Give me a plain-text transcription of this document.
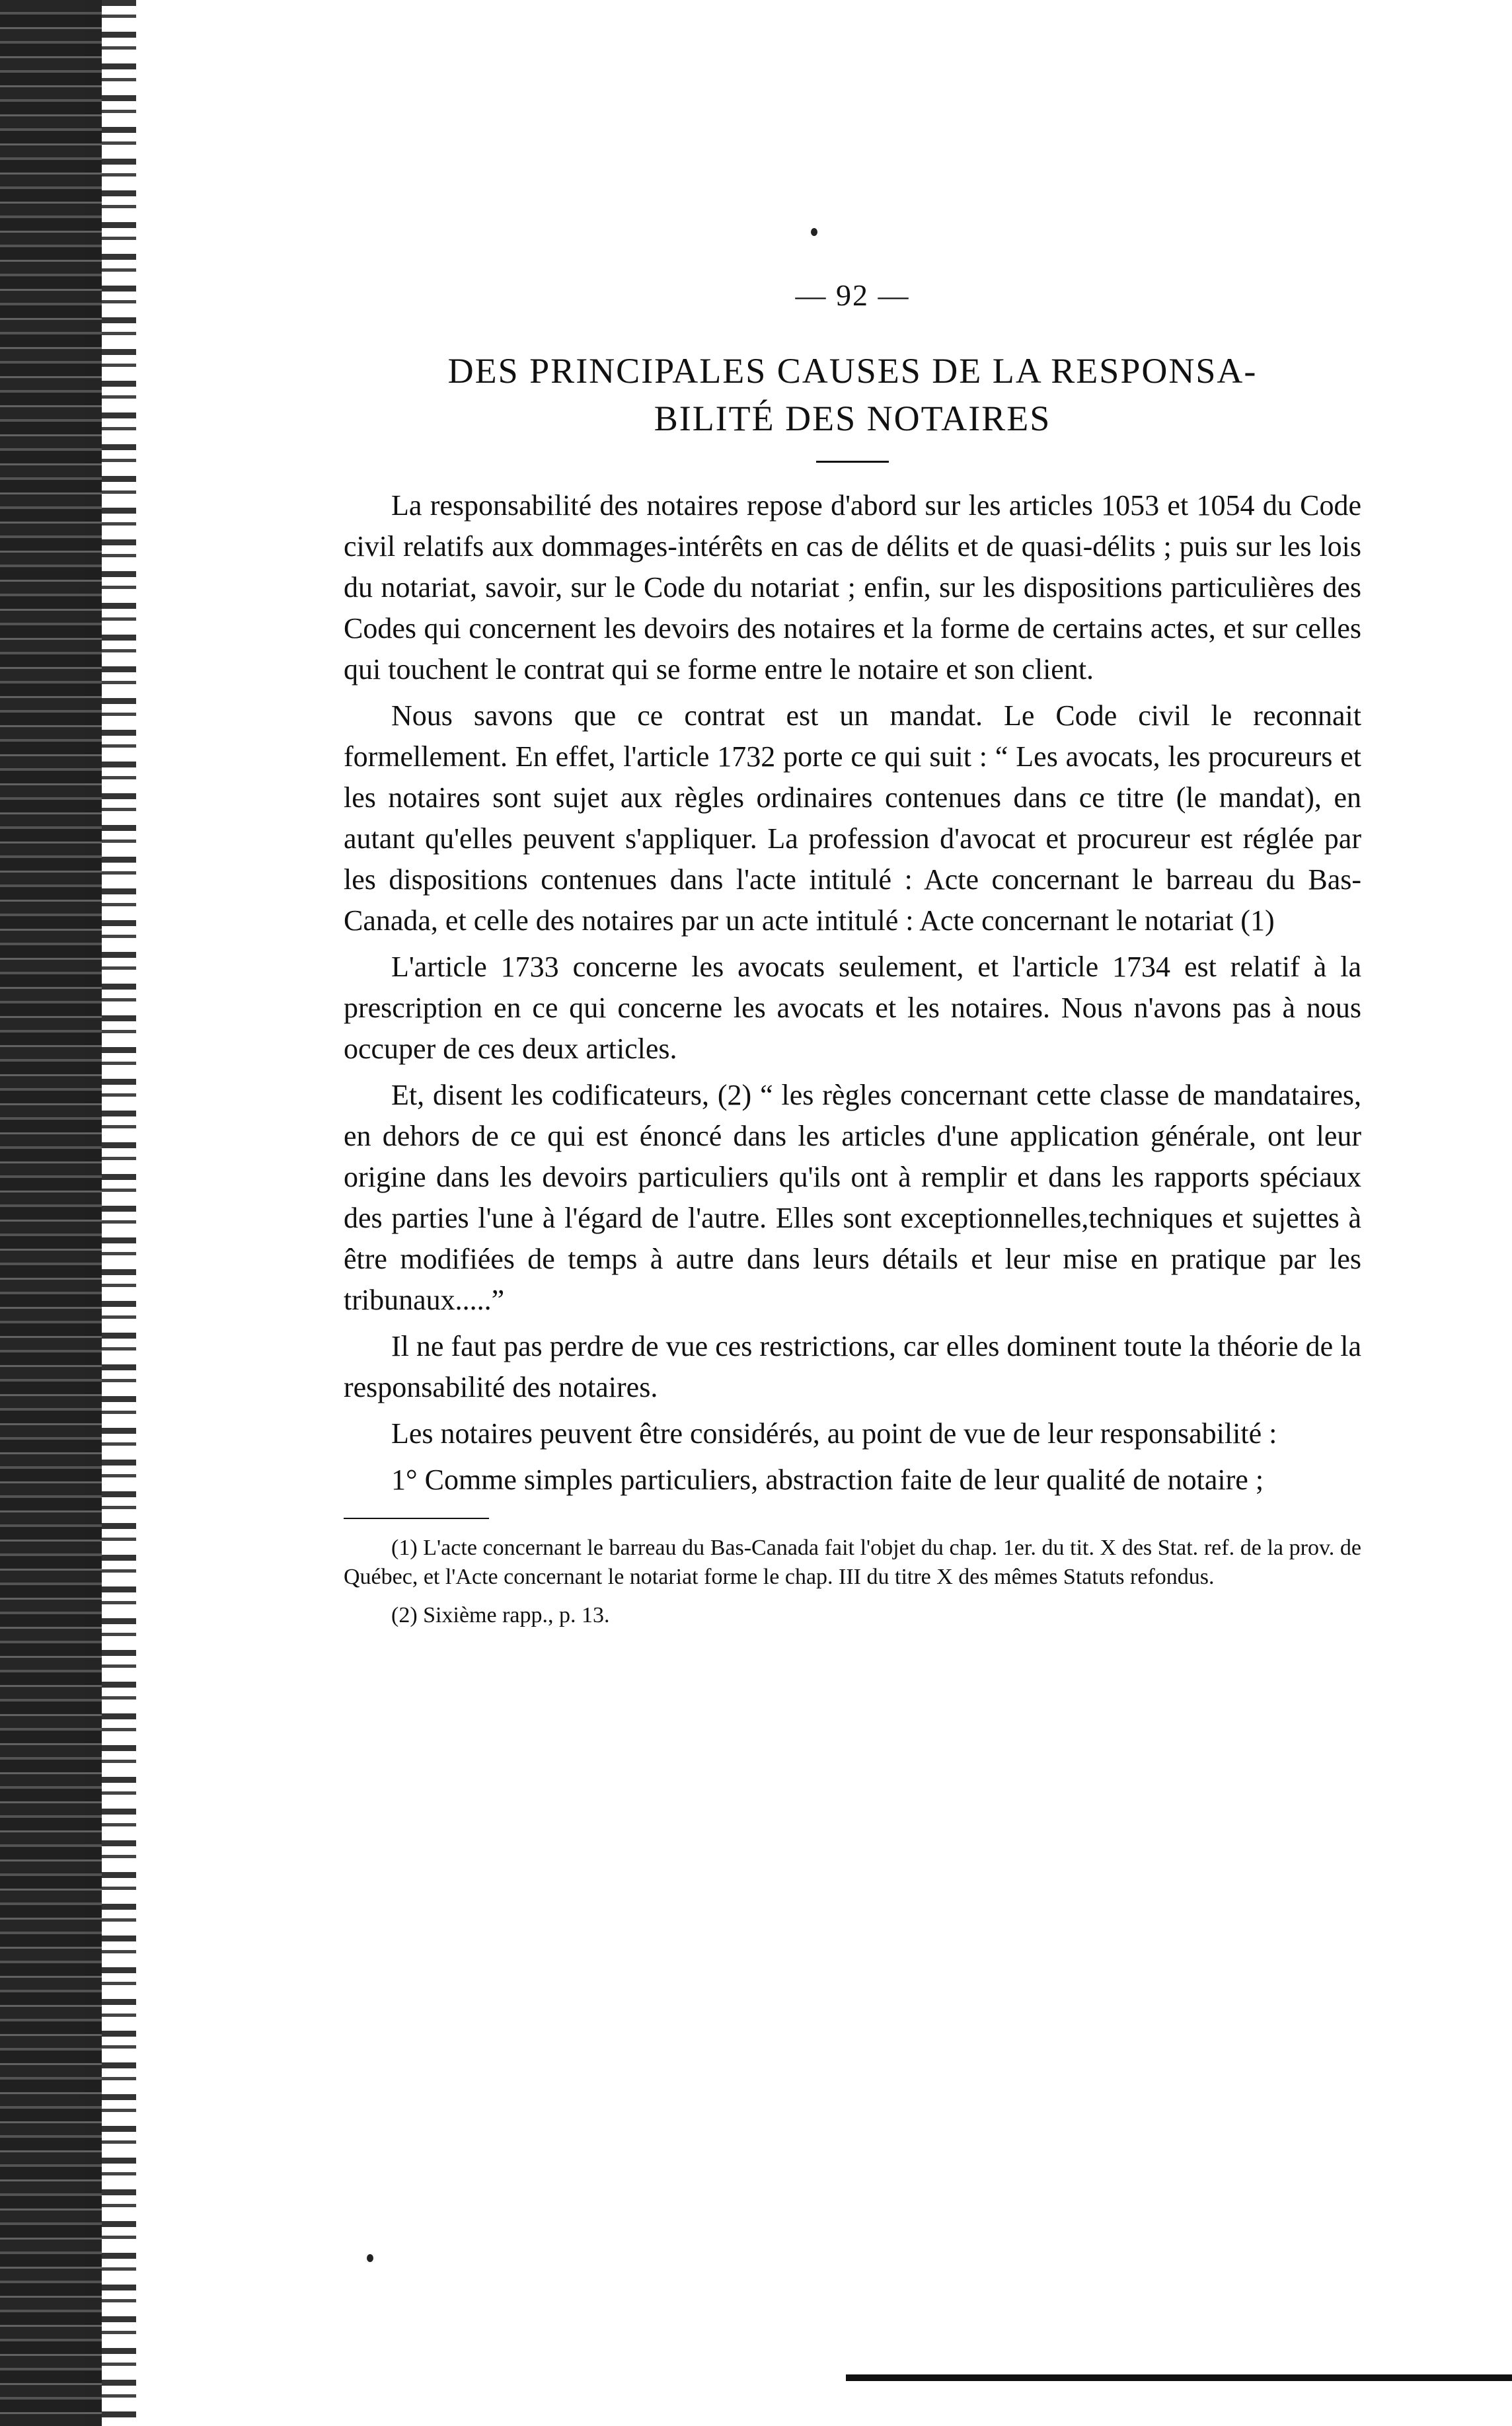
— 92 —
DES PRINCIPALES CAUSES DE LA RESPONSA-
BILITÉ DES NOTAIRES

La responsabilité des notaires repose d'abord sur les articles 1053 et 1054 du Code civil relatifs aux dommages-intérêts en cas de délits et de quasi-délits ; puis sur les lois du notariat, savoir, sur le Code du notariat ; enfin, sur les dispositions particulières des Codes qui concernent les devoirs des notaires et la forme de certains actes, et sur celles qui touchent le contrat qui se forme entre le notaire et son client.

Nous savons que ce contrat est un mandat. Le Code civil le reconnait formellement. En effet, l'article 1732 porte ce qui suit : “ Les avocats, les procureurs et les notaires sont sujet aux règles ordinaires contenues dans ce titre (le mandat), en autant qu'elles peuvent s'appliquer. La profession d'avocat et procureur est réglée par les dispositions contenues dans l'acte intitulé : Acte concernant le barreau du Bas-Canada, et celle des notaires par un acte intitulé : Acte concernant le notariat (1)

L'article 1733 concerne les avocats seulement, et l'article 1734 est relatif à la prescription en ce qui concerne les avocats et les notaires. Nous n'avons pas à nous occuper de ces deux articles.

Et, disent les codificateurs, (2) “ les règles concernant cette classe de mandataires, en dehors de ce qui est énoncé dans les articles d'une application générale, ont leur origine dans les devoirs particuliers qu'ils ont à remplir et dans les rapports spéciaux des parties l'une à l'égard de l'autre. Elles sont exceptionnelles,techniques et sujettes à être modifiées de temps à autre dans leurs détails et leur mise en pratique par les tribunaux.....”

Il ne faut pas perdre de vue ces restrictions, car elles dominent toute la théorie de la responsabilité des notaires.

Les notaires peuvent être considérés, au point de vue de leur responsabilité :

1° Comme simples particuliers, abstraction faite de leur qualité de notaire ;

(1) L'acte concernant le barreau du Bas-Canada fait l'objet du chap. 1er. du tit. X des Stat. ref. de la prov. de Québec, et l'Acte concernant le notariat forme le chap. III du titre X des mêmes Statuts refondus.

(2) Sixième rapp., p. 13.
